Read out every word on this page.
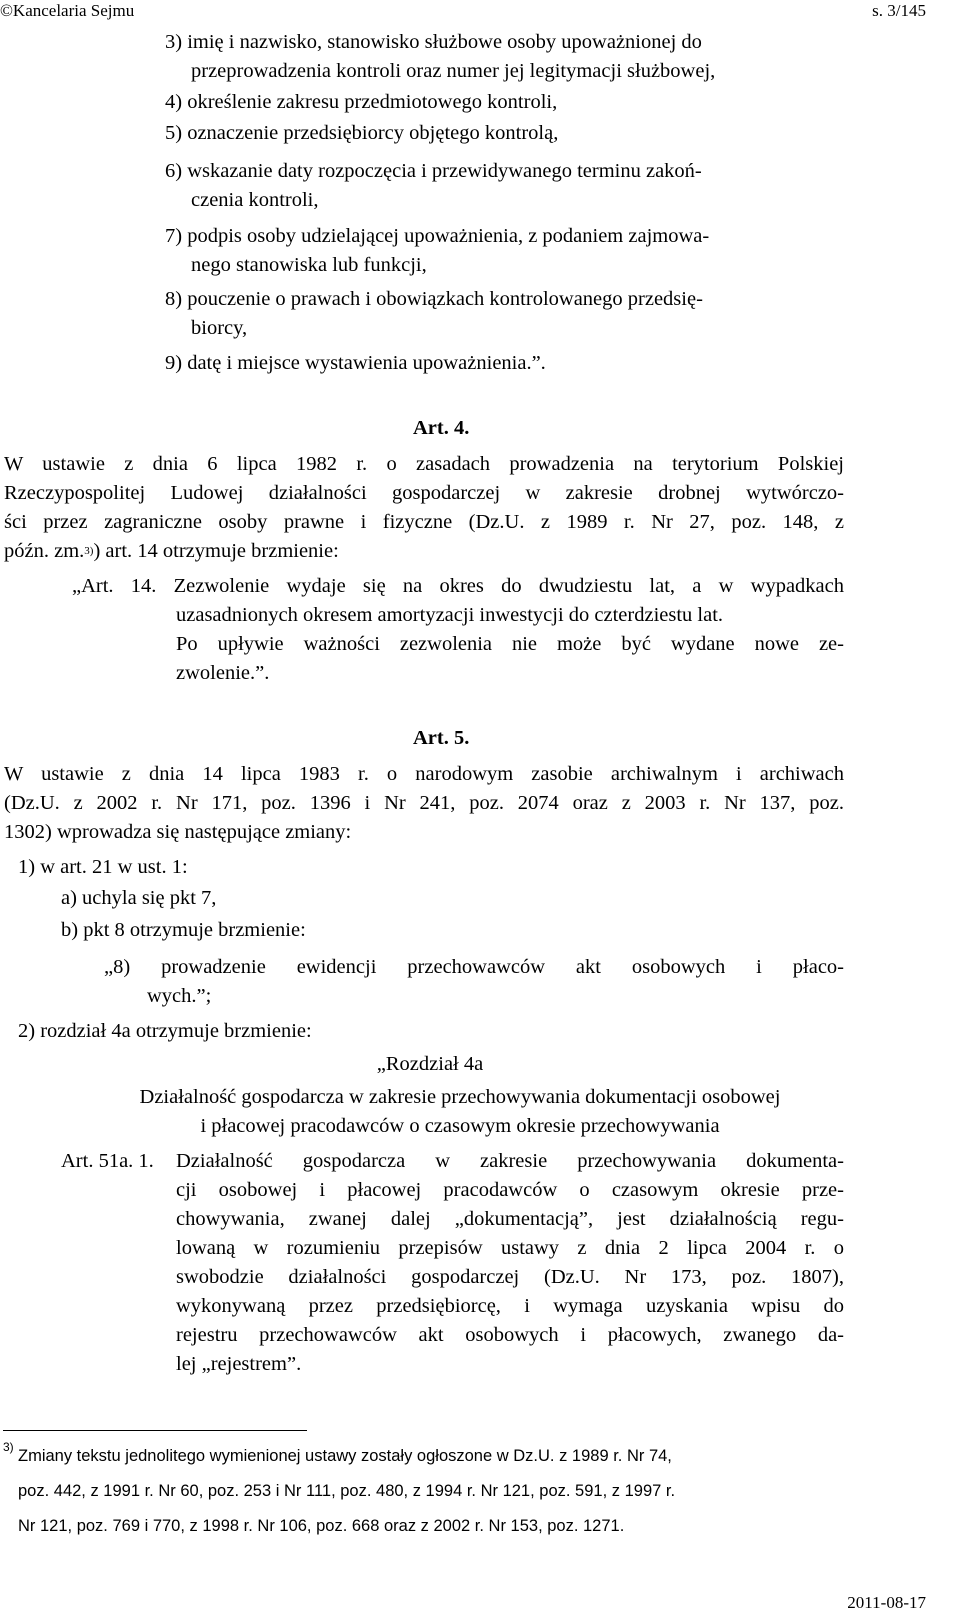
©Kancelaria Sejmu	s. 3/145
3) imię i nazwisko, stanowisko służbowe osoby upoważnionej do
przeprowadzenia kontroli oraz numer jej legitymacji służbowej,
4) określenie zakresu przedmiotowego kontroli,
5) oznaczenie przedsiębiorcy objętego kontrolą,
6) wskazanie daty rozpoczęcia i przewidywanego terminu zakoń-
czenia kontroli,
7) podpis osoby udzielającej upoważnienia, z podaniem zajmowa-
nego stanowiska lub funkcji,
8) pouczenie o prawach i obowiązkach kontrolowanego przedsię-
biorcy,
9) datę i miejsce wystawienia upoważnienia.”.
Art. 4.
W ustawie z dnia 6 lipca 1982 r. o zasadach prowadzenia na terytorium Polskiej
Rzeczypospolitej Ludowej działalności gospodarczej w zakresie drobnej wytwórczo-
ści przez zagraniczne osoby prawne i fizyczne (Dz.U. z 1989 r. Nr 27, poz. 148, z
późn. zm.$^{3)}$) art. 14 otrzymuje brzmienie:
„Art. 14. Zezwolenie wydaje się na okres do dwudziestu lat, a w wypadkach
uzasadnionych okresem amortyzacji inwestycji do czterdziestu lat.
Po upływie ważności zezwolenia nie może być wydane nowe ze-
zwolenie.”.
Art. 5.
W ustawie z dnia 14 lipca 1983 r. o narodowym zasobie archiwalnym i archiwach
(Dz.U. z 2002 r. Nr 171, poz. 1396 i Nr 241, poz. 2074 oraz z 2003 r. Nr 137, poz.
1302) wprowadza się następujące zmiany:
1) w art. 21 w ust. 1:
a) uchyla się pkt 7,
b) pkt 8 otrzymuje brzmienie:
„8) prowadzenie ewidencji przechowawców akt osobowych i płaco-
wych.”;
2) rozdział 4a otrzymuje brzmienie:
„Rozdział 4a
Działalność gospodarcza w zakresie przechowywania dokumentacji osobowej
i płacowej pracodawców o czasowym okresie przechowywania
Art. 51a. 1. Działalność gospodarcza w zakresie przechowywania dokumenta-
cji osobowej i płacowej pracodawców o czasowym okresie prze-
chowywania, zwanej dalej „dokumentacją”, jest działalnością regu-
lowaną w rozumieniu przepisów ustawy z dnia 2 lipca 2004 r. o
swobodzie działalności gospodarczej (Dz.U. Nr 173, poz. 1807),
wykonywaną przez przedsiębiorcę, i wymaga uzyskania wpisu do
rejestru przechowawców akt osobowych i płacowych, zwanego da-
lej „rejestrem”.
3) Zmiany tekstu jednolitego wymienionej ustawy zostały ogłoszone w Dz.U. z 1989 r. Nr 74,
poz. 442, z 1991 r. Nr 60, poz. 253 i Nr 111, poz. 480, z 1994 r. Nr 121, poz. 591, z 1997 r.
Nr 121, poz. 769 i 770, z 1998 r. Nr 106, poz. 668 oraz z 2002 r. Nr 153, poz. 1271.
2011-08-17
